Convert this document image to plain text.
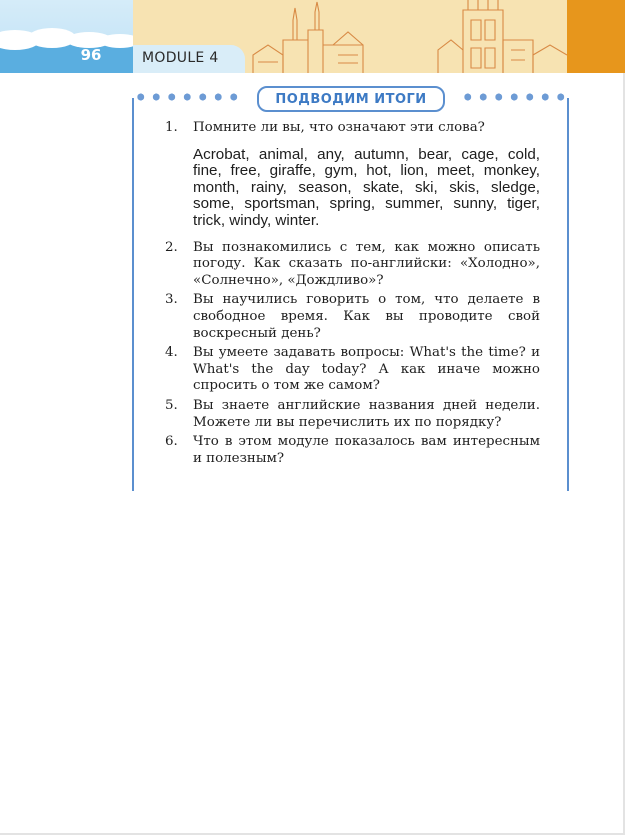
96	MODULE 4
ПОДВОДИМ ИТОГИ
1. Помните ли вы, что означают эти слова?
Acrobat, animal, any, autumn, bear, cage, cold, fine, free, giraffe, gym, hot, lion, meet, monkey, month, rainy, season, skate, ski, skis, sledge, some, sportsman, spring, summer, sunny, tiger, trick, windy, winter.
2. Вы познакомились с тем, как можно описать погоду. Как сказать по-английски: «Холодно», «Солнечно», «Дождливо»?
3. Вы научились говорить о том, что делаете в свободное время. Как вы проводите свой воскресный день?
4. Вы умеете задавать вопросы: What's the time? и What's the day today? А как иначе можно спросить о том же самом?
5. Вы знаете английские названия дней недели. Можете ли вы перечислить их по порядку?
6. Что в этом модуле показалось вам интересным и полезным?
